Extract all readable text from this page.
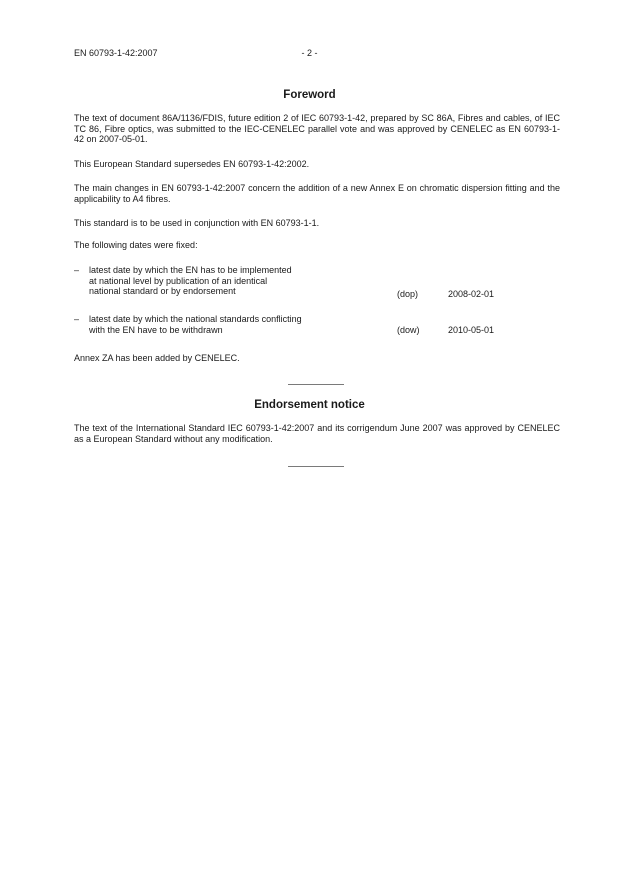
EN 60793-1-42:2007	- 2 -
Foreword
The text of document 86A/1136/FDIS, future edition 2 of IEC 60793-1-42, prepared by SC 86A, Fibres and cables, of IEC TC 86, Fibre optics, was submitted to the IEC-CENELEC parallel vote and was approved by CENELEC as EN 60793-1-42 on 2007-05-01.
This European Standard supersedes EN 60793-1-42:2002.
The main changes in EN 60793-1-42:2007 concern the addition of a new Annex E on chromatic dispersion fitting and the applicability to A4 fibres.
This standard is to be used in conjunction with EN 60793-1-1.
The following dates were fixed:
– latest date by which the EN has to be implemented
at national level by publication of an identical
national standard or by endorsement	(dop)	2008-02-01
– latest date by which the national standards conflicting
with the EN have to be withdrawn	(dow)	2010-05-01
Annex ZA has been added by CENELEC.
Endorsement notice
The text of the International Standard IEC 60793-1-42:2007 and its corrigendum June 2007 was approved by CENELEC as a European Standard without any modification.
